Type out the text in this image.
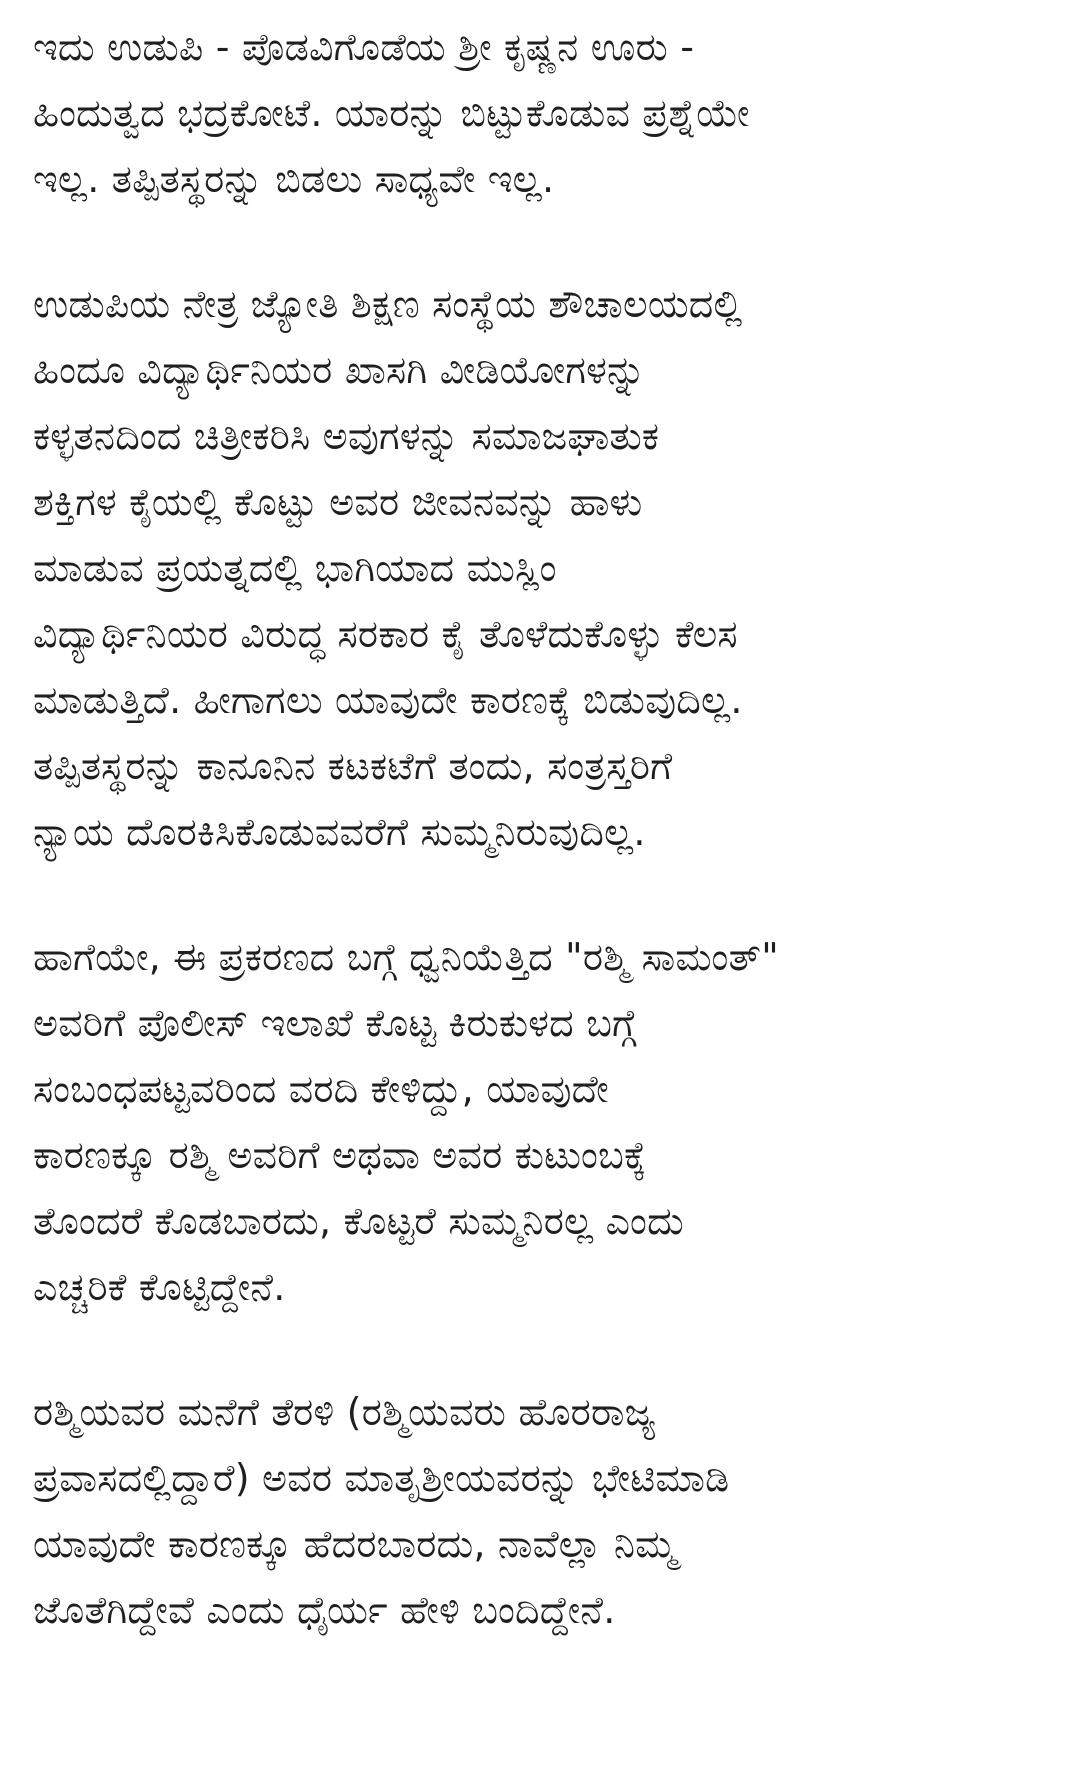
ಇದು ಉಡುಪಿ - ಪೊಡವಿಗೊಡೆಯ ಶ್ರೀ ಕೃಷ್ಣನ ಊರು -
ಹಿಂದುತ್ವದ ಭದ್ರಕೋಟೆ. ಯಾರನ್ನು ಬಿಟ್ಟುಕೊಡುವ ಪ್ರಶ್ನೆಯೇ
ಇಲ್ಲ. ತಪ್ಪಿತಸ್ಥರನ್ನು ಬಿಡಲು ಸಾಧ್ಯವೇ ಇಲ್ಲ.

ಉಡುಪಿಯ ನೇತ್ರ ಜ್ಯೋತಿ ಶಿಕ್ಷಣ ಸಂಸ್ಥೆಯ ಶೌಚಾಲಯದಲ್ಲಿ
ಹಿಂದೂ ವಿದ್ಯಾರ್ಥಿನಿಯರ ಖಾಸಗಿ ವೀಡಿಯೋಗಳನ್ನು
ಕಳ್ಳತನದಿಂದ ಚಿತ್ರೀಕರಿಸಿ ಅವುಗಳನ್ನು ಸಮಾಜಘಾತುಕ
ಶಕ್ತಿಗಳ ಕೈಯಲ್ಲಿ ಕೊಟ್ಟು ಅವರ ಜೀವನವನ್ನು ಹಾಳು
ಮಾಡುವ ಪ್ರಯತ್ನದಲ್ಲಿ ಭಾಗಿಯಾದ ಮುಸ್ಲಿಂ
ವಿದ್ಯಾರ್ಥಿನಿಯರ ವಿರುದ್ಧ ಸರಕಾರ ಕೈ ತೊಳೆದುಕೊಳ್ಳು ಕೆಲಸ
ಮಾಡುತ್ತಿದೆ. ಹೀಗಾಗಲು ಯಾವುದೇ ಕಾರಣಕ್ಕೆ ಬಿಡುವುದಿಲ್ಲ.
ತಪ್ಪಿತಸ್ಥರನ್ನು ಕಾನೂನಿನ ಕಟಕಟೆಗೆ ತಂದು, ಸಂತ್ರಸ್ತರಿಗೆ
ನ್ಯಾಯ ದೊರಕಿಸಿಕೊಡುವವರೆಗೆ ಸುಮ್ಮನಿರುವುದಿಲ್ಲ.

ಹಾಗೆಯೇ, ಈ ಪ್ರಕರಣದ ಬಗ್ಗೆ ಧ್ವನಿಯೆತ್ತಿದ "ರಶ್ಮಿ ಸಾಮಂತ್"
ಅವರಿಗೆ ಪೊಲೀಸ್ ಇಲಾಖೆ ಕೊಟ್ಟ ಕಿರುಕುಳದ ಬಗ್ಗೆ
ಸಂಬಂಧಪಟ್ಟವರಿಂದ ವರದಿ ಕೇಳಿದ್ದು, ಯಾವುದೇ
ಕಾರಣಕ್ಕೂ ರಶ್ಮಿ ಅವರಿಗೆ ಅಥವಾ ಅವರ ಕುಟುಂಬಕ್ಕೆ
ತೊಂದರೆ ಕೊಡಬಾರದು, ಕೊಟ್ಟರೆ ಸುಮ್ಮನಿರಲ್ಲ ಎಂದು
ಎಚ್ಚರಿಕೆ ಕೊಟ್ಟಿದ್ದೇನೆ.

ರಶ್ಮಿಯವರ ಮನೆಗೆ ತೆರಳಿ (ರಶ್ಮಿಯವರು ಹೊರರಾಜ್ಯ
ಪ್ರವಾಸದಲ್ಲಿದ್ದಾರೆ) ಅವರ ಮಾತೃಶ್ರೀಯವರನ್ನು ಭೇಟಿಮಾಡಿ
ಯಾವುದೇ ಕಾರಣಕ್ಕೂ ಹೆದರಬಾರದು, ನಾವೆಲ್ಲಾ ನಿಮ್ಮ
ಜೊತೆಗಿದ್ದೇವೆ ಎಂದು ಧೈರ್ಯ ಹೇಳಿ ಬಂದಿದ್ದೇನೆ.
